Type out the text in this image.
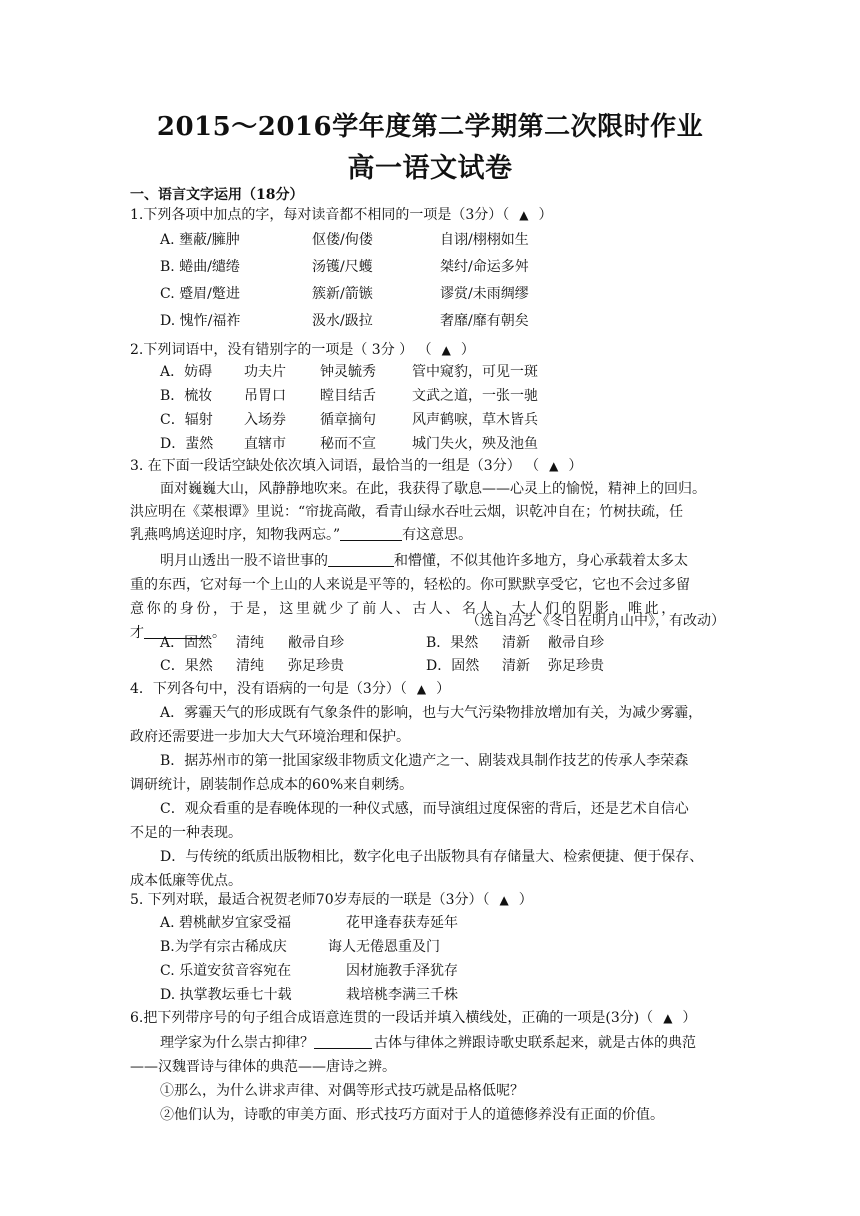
2015～2016学年度第二学期第二次限时作业
高一语文试卷
一、语言文字运用（18分）
1.下列各项中加点的字，每对读音都不相同的一项是（3分）（ ▲ ）
A. 壅蔽/臃肿	伛偻/佝偻	自诩/栩栩如生
B. 蜷曲/缱绻	汤镬/尺蠖	桀纣/命运多舛
C. 蹙眉/蹩进	簇新/箭镞	谬赏/未雨绸缪
D. 愧怍/福祚	汲水/趿拉	奢靡/靡有朝矣
2.下列词语中，没有错别字的一项是（ 3分 ） （ ▲ ）
A．妨碍 功夫片 钟灵毓秀	管中窥豹，可见一斑
B．梳妆 吊胃口 瞠目结舌	文武之道，一张一驰
C．辐射 入场券 循章摘句	风声鹤唳，草木皆兵
D．蜚然 直辖市 秘而不宣	城门失火，殃及池鱼
3. 在下面一段话空缺处依次填入词语，最恰当的一组是（3分） （ ▲ ）
面对巍巍大山，风静静地吹来。在此，我获得了歇息——心灵上的愉悦，精神上的回归。
洪应明在《菜根谭》里说：“帘拢高敞，看青山绿水吞吐云烟，识乾冲自在；竹树扶疏，任
乳燕鸣鸠送迎时序，知物我两忘。”	有这意思。
明月山透出一股不谙世事的	和懵懂，不似其他许多地方，身心承载着太多太
重的东西，它对每一个上山的人来说是平等的，轻松的。你可默默享受它，它也不会过多留
意你的身份，于是，这里就少了前人、古人、名人、大人们的阴影，唯此，
才	。
（选自冯艺《冬日在明月山中》，有改动）
A．固然 清纯 敝帚自珍	B．果然 清新 敝帚自珍
C．果然 清纯 弥足珍贵	D．固然 清新 弥足珍贵
4．下列各句中，没有语病的一句是（3分）（ ▲ ）
A．雾霾天气的形成既有气象条件的影响，也与大气污染物排放增加有关，为减少雾霾，
政府还需要进一步加大大气环境治理和保护。
B．据苏州市的第一批国家级非物质文化遗产之一、剧装戏具制作技艺的传承人李荣森
调研统计，剧装制作总成本的60%来自刺绣。
C．观众看重的是春晚体现的一种仪式感，而导演组过度保密的背后，还是艺术自信心
不足的一种表现。
D．与传统的纸质出版物相比，数字化电子出版物具有存储量大、检索便捷、便于保存、
成本低廉等优点。
5. 下列对联，最适合祝贺老师70岁寿辰的一联是（3分）（ ▲ ）
A. 碧桃献岁宜家受福	花甲逢春获寿延年
B.为学有宗古稀成庆	诲人无倦恩重及门
C. 乐道安贫音容宛在	因材施教手泽犹存
D. 执掌教坛垂七十载	栽培桃李满三千株
6.把下列带序号的句子组合成语意连贯的一段话并填入横线处，正确的一项是(3分)（ ▲ ）
理学家为什么崇古抑律？	古体与律体之辨跟诗歌史联系起来，就是古体的典范
——汉魏晋诗与律体的典范——唐诗之辨。
①那么，为什么讲求声律、对偶等形式技巧就是品格低呢？
②他们认为，诗歌的审美方面、形式技巧方面对于人的道德修养没有正面的价值。
